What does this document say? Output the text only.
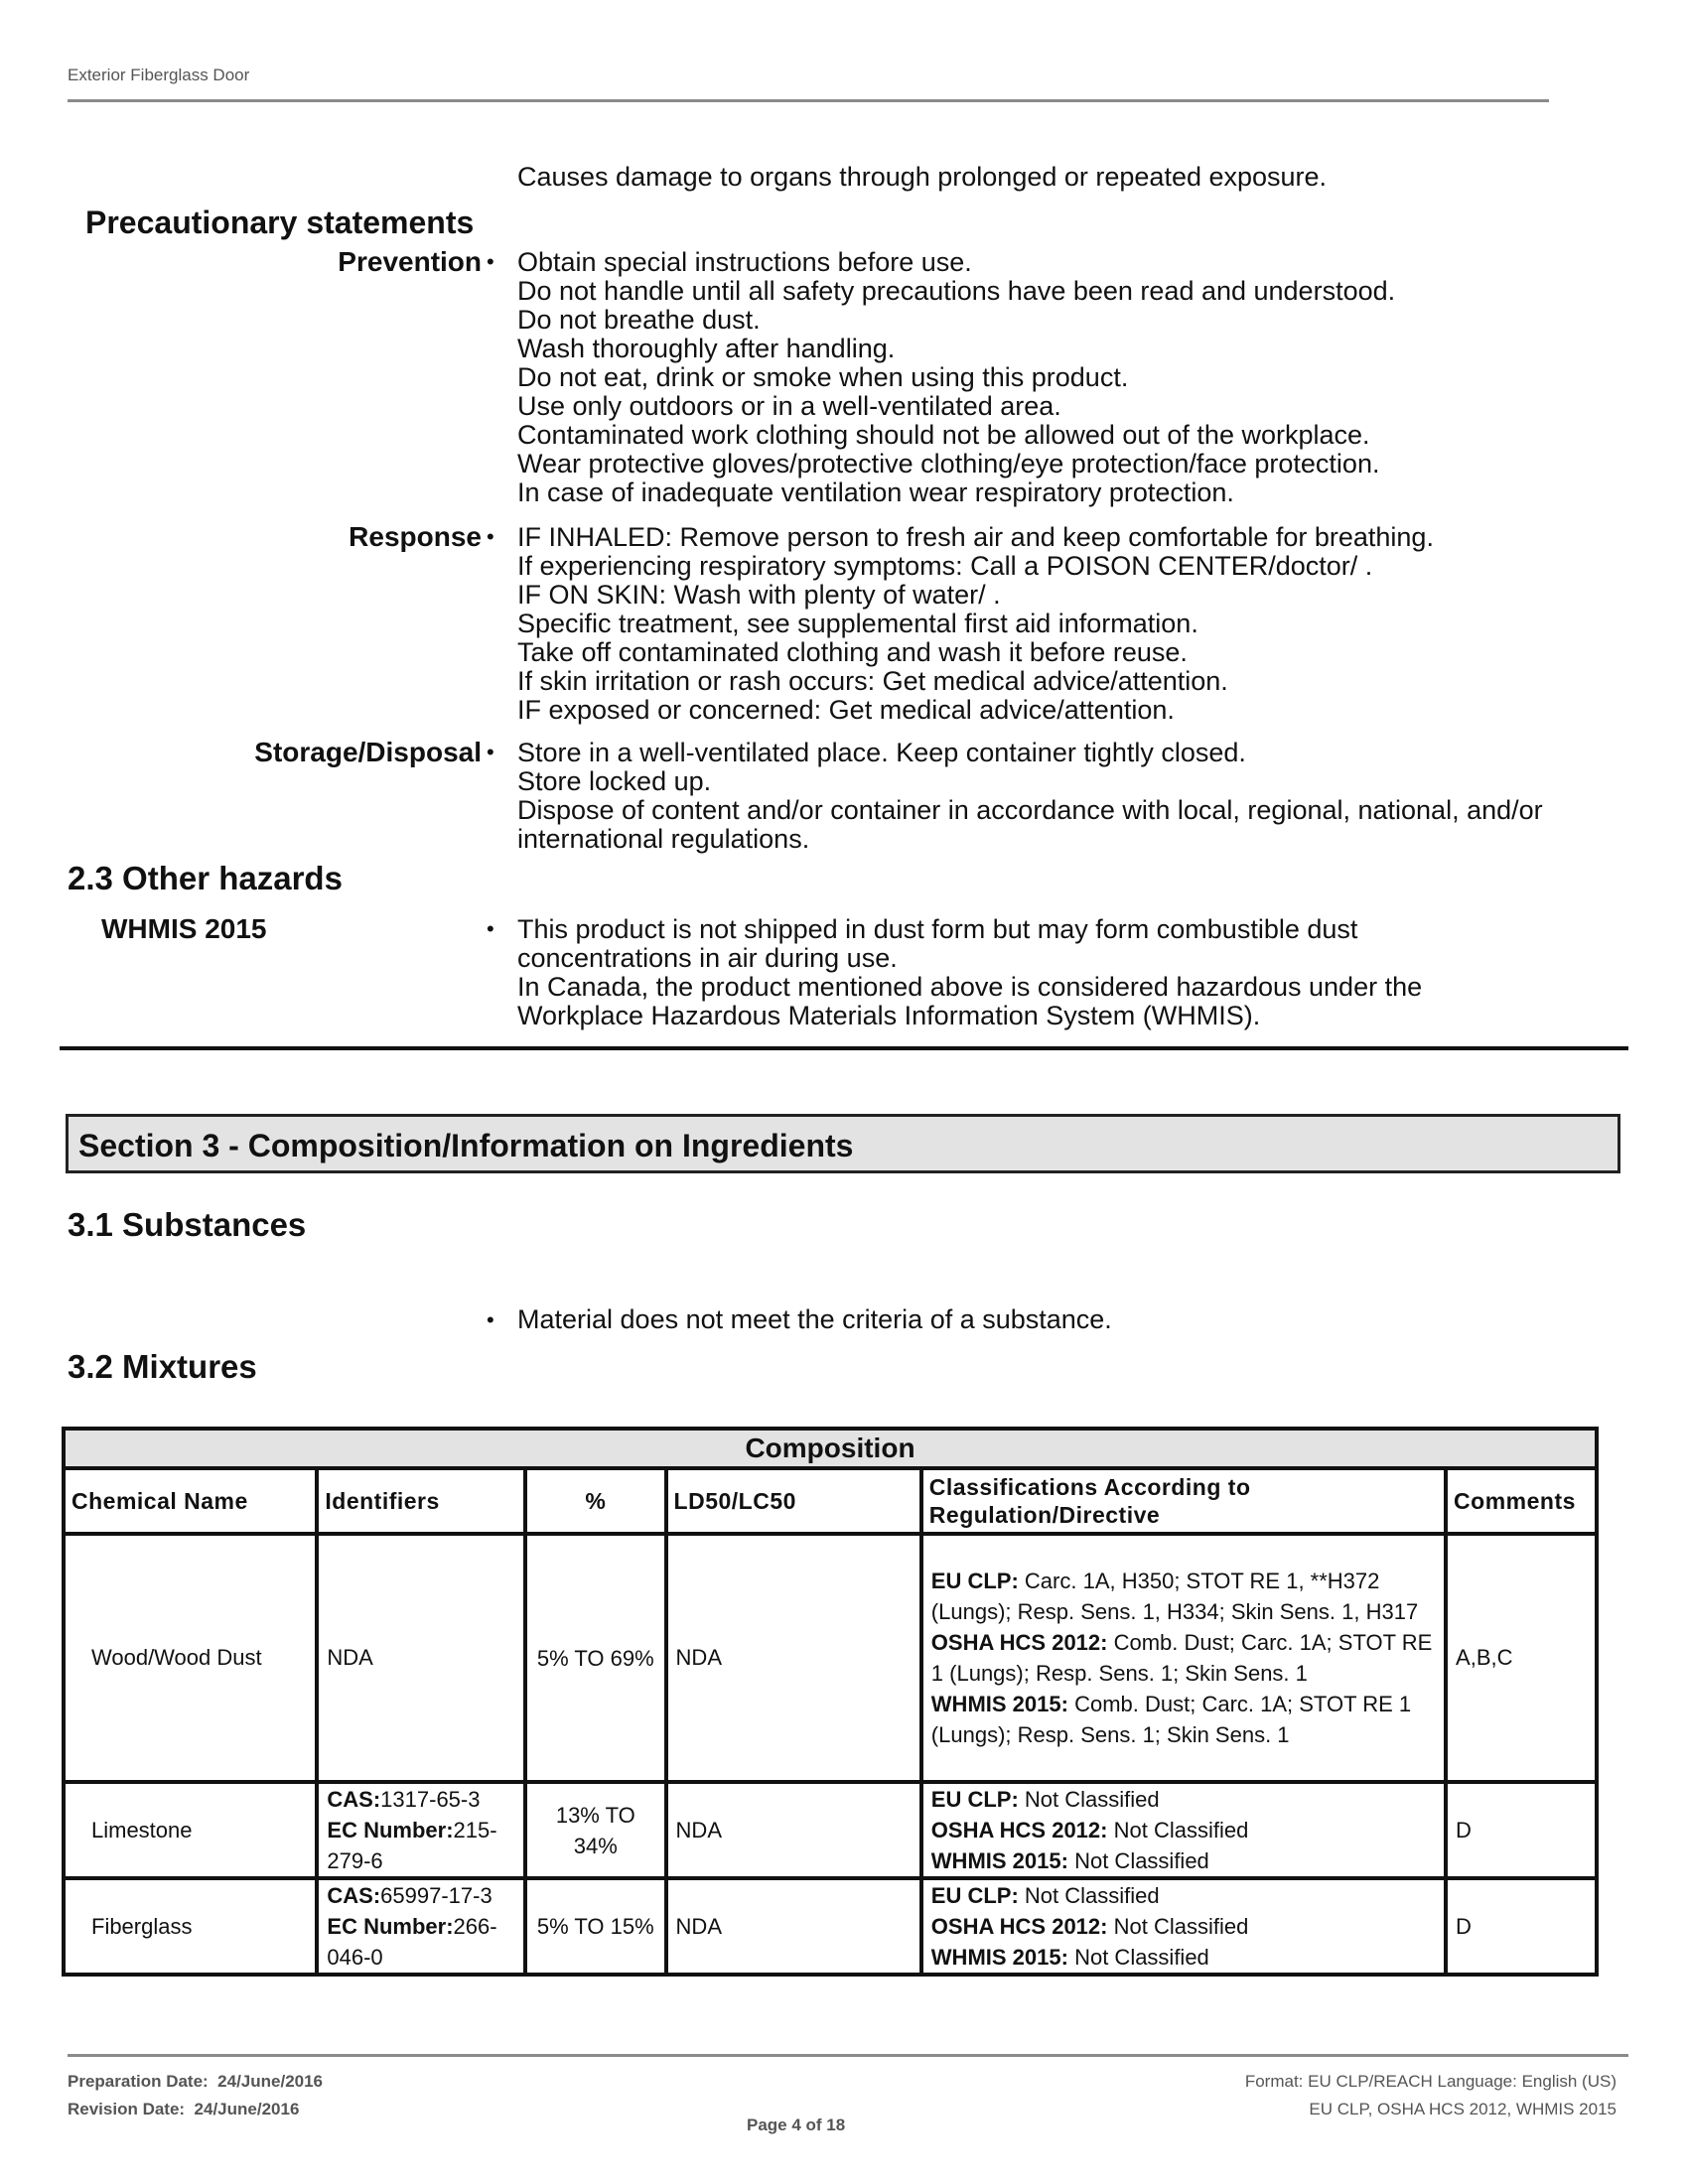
Exterior Fiberglass Door
Causes damage to organs through prolonged or repeated exposure.
Precautionary statements
Prevention • Obtain special instructions before use.
Do not handle until all safety precautions have been read and understood.
Do not breathe dust.
Wash thoroughly after handling.
Do not eat, drink or smoke when using this product.
Use only outdoors or in a well-ventilated area.
Contaminated work clothing should not be allowed out of the workplace.
Wear protective gloves/protective clothing/eye protection/face protection.
In case of inadequate ventilation wear respiratory protection.
Response • IF INHALED: Remove person to fresh air and keep comfortable for breathing.
If experiencing respiratory symptoms: Call a POISON CENTER/doctor/ .
IF ON SKIN: Wash with plenty of water/ .
Specific treatment, see supplemental first aid information.
Take off contaminated clothing and wash it before reuse.
If skin irritation or rash occurs: Get medical advice/attention.
IF exposed or concerned: Get medical advice/attention.
Storage/Disposal • Store in a well-ventilated place. Keep container tightly closed.
Store locked up.
Dispose of content and/or container in accordance with local, regional, national, and/or
international regulations.
2.3 Other hazards
WHMIS 2015	• This product is not shipped in dust form but may form combustible dust
concentrations in air during use.
In Canada, the product mentioned above is considered hazardous under the
Workplace Hazardous Materials Information System (WHMIS).
Section 3 - Composition/Information on Ingredients
3.1 Substances
• Material does not meet the criteria of a substance.
3.2 Mixtures
Composition					
Chemical Name	Identifiers	%	LD50/LC50	Classifications According to Regulation/Directive	Comments
Wood/Wood Dust	NDA	5% TO 69%	NDA	EU CLP: Carc. 1A, H350; STOT RE 1, **H372 (Lungs); Resp. Sens. 1, H334; Skin Sens. 1, H317
OSHA HCS 2012: Comb. Dust; Carc. 1A; STOT RE 1 (Lungs); Resp. Sens. 1; Skin Sens. 1
WHMIS 2015: Comb. Dust; Carc. 1A; STOT RE 1 (Lungs); Resp. Sens. 1; Skin Sens. 1	A,B,C
Limestone	CAS:1317-65-3 EC Number:215-279-6	13% TO 34%	NDA	EU CLP: Not Classified
OSHA HCS 2012: Not Classified
WHMIS 2015: Not Classified	D
Fiberglass	CAS:65997-17-3 EC Number:266-046-0	5% TO 15%	NDA	EU CLP: Not Classified
OSHA HCS 2012: Not Classified
WHMIS 2015: Not Classified	D
Preparation Date: 24/June/2016
Revision Date: 24/June/2016
Page 4 of 18
Format: EU CLP/REACH Language: English (US)
EU CLP, OSHA HCS 2012, WHMIS 2015
